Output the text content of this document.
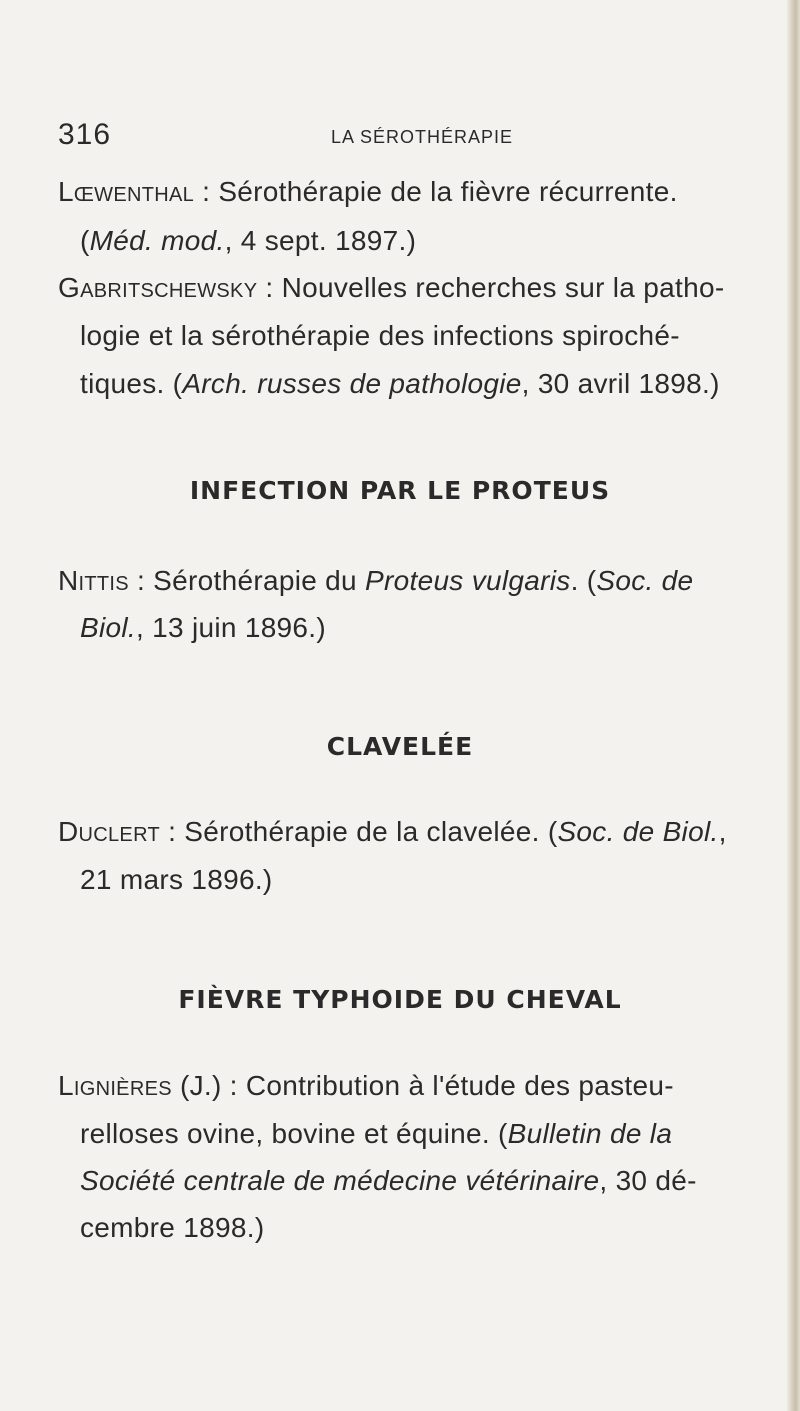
316	LA SÉROTHÉRAPIE
Lœwenthal : Sérothérapie de la fièvre récurrente.
(Méd. mod., 4 sept. 1897.)
Gabritschewsky : Nouvelles recherches sur la patho-
logie et la sérothérapie des infections spiroché-
tiques. (Arch. russes de pathologie, 30 avril 1898.)
INFECTION PAR LE PROTEUS
Nittis : Sérothérapie du Proteus vulgaris. (Soc. de
Biol., 13 juin 1896.)
CLAVELÉE
Duclert : Sérothérapie de la clavelée. (Soc. de Biol.,
21 mars 1896.)
FIÈVRE TYPHOIDE DU CHEVAL
Lignières (J.) : Contribution à l'étude des pasteu-
relloses ovine, bovine et équine. (Bulletin de la
Société centrale de médecine vétérinaire, 30 dé-
cembre 1898.)
